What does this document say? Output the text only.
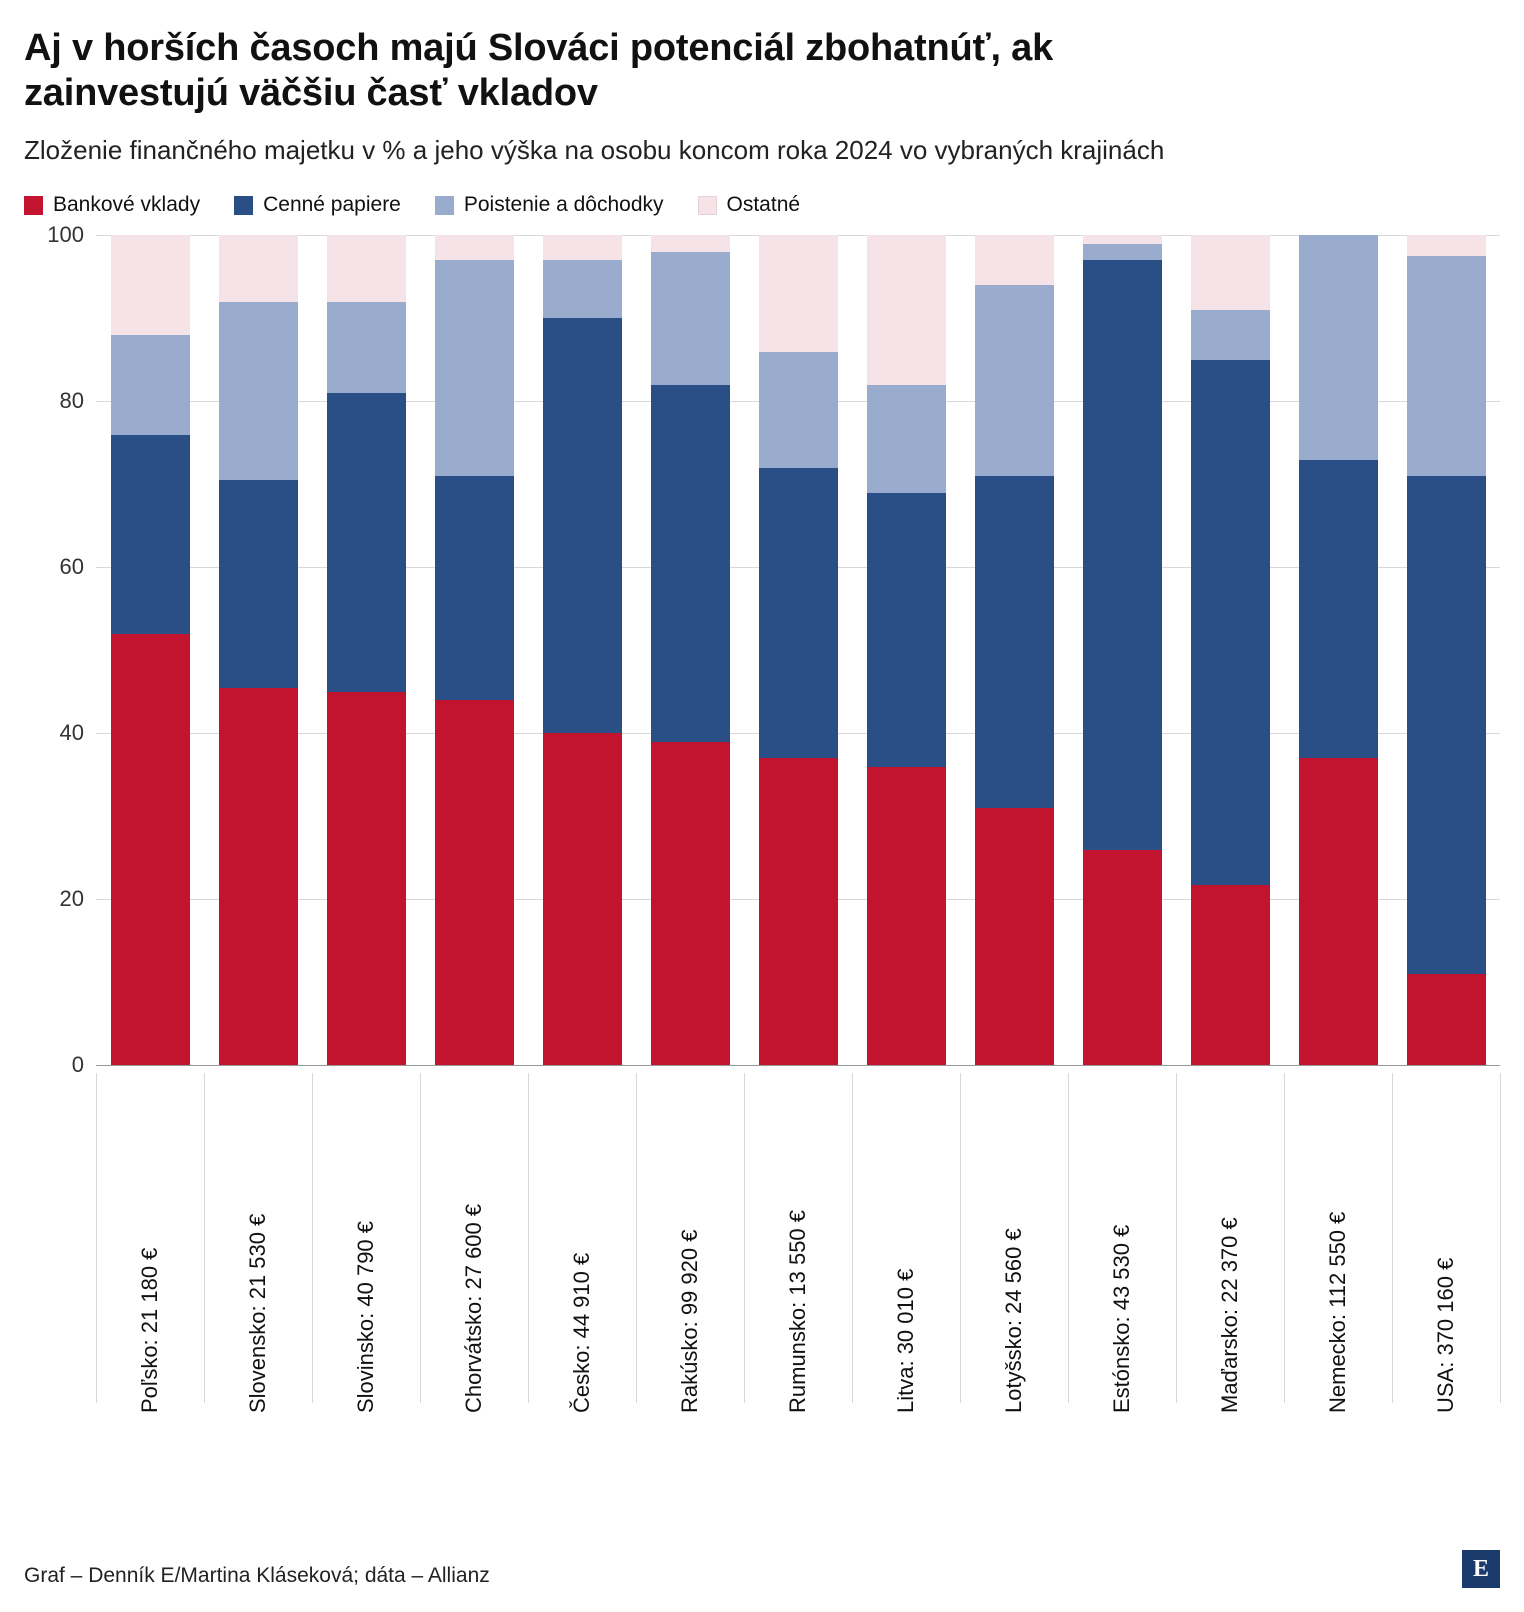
Aj v horších časoch majú Slováci potenciál zbohatnúť, ak zainvestujú väčšiu časť vkladov

Zloženie finančného majetku v % a jeho výška na osobu koncom roka 2024 vo vybraných krajinách

Bankové vklady	Cenné papiere	Poistenie a dôchodky	Ostatné
0
20
40
60
80
100
Poľsko: 21 180 €	Slovensko: 21 530 €	Slovinsko: 40 790 €	Chorvátsko: 27 600 €	Česko: 44 910 €	Rakúsko: 99 920 €	Rumunsko: 13 550 €	Litva: 30 010 €	Lotyšsko: 24 560 €	Estónsko: 43 530 €	Maďarsko: 22 370 €	Nemecko: 112 550 €	USA: 370 160 €
Graf – Denník E/Martina Kláseková; dáta – Allianz	E
